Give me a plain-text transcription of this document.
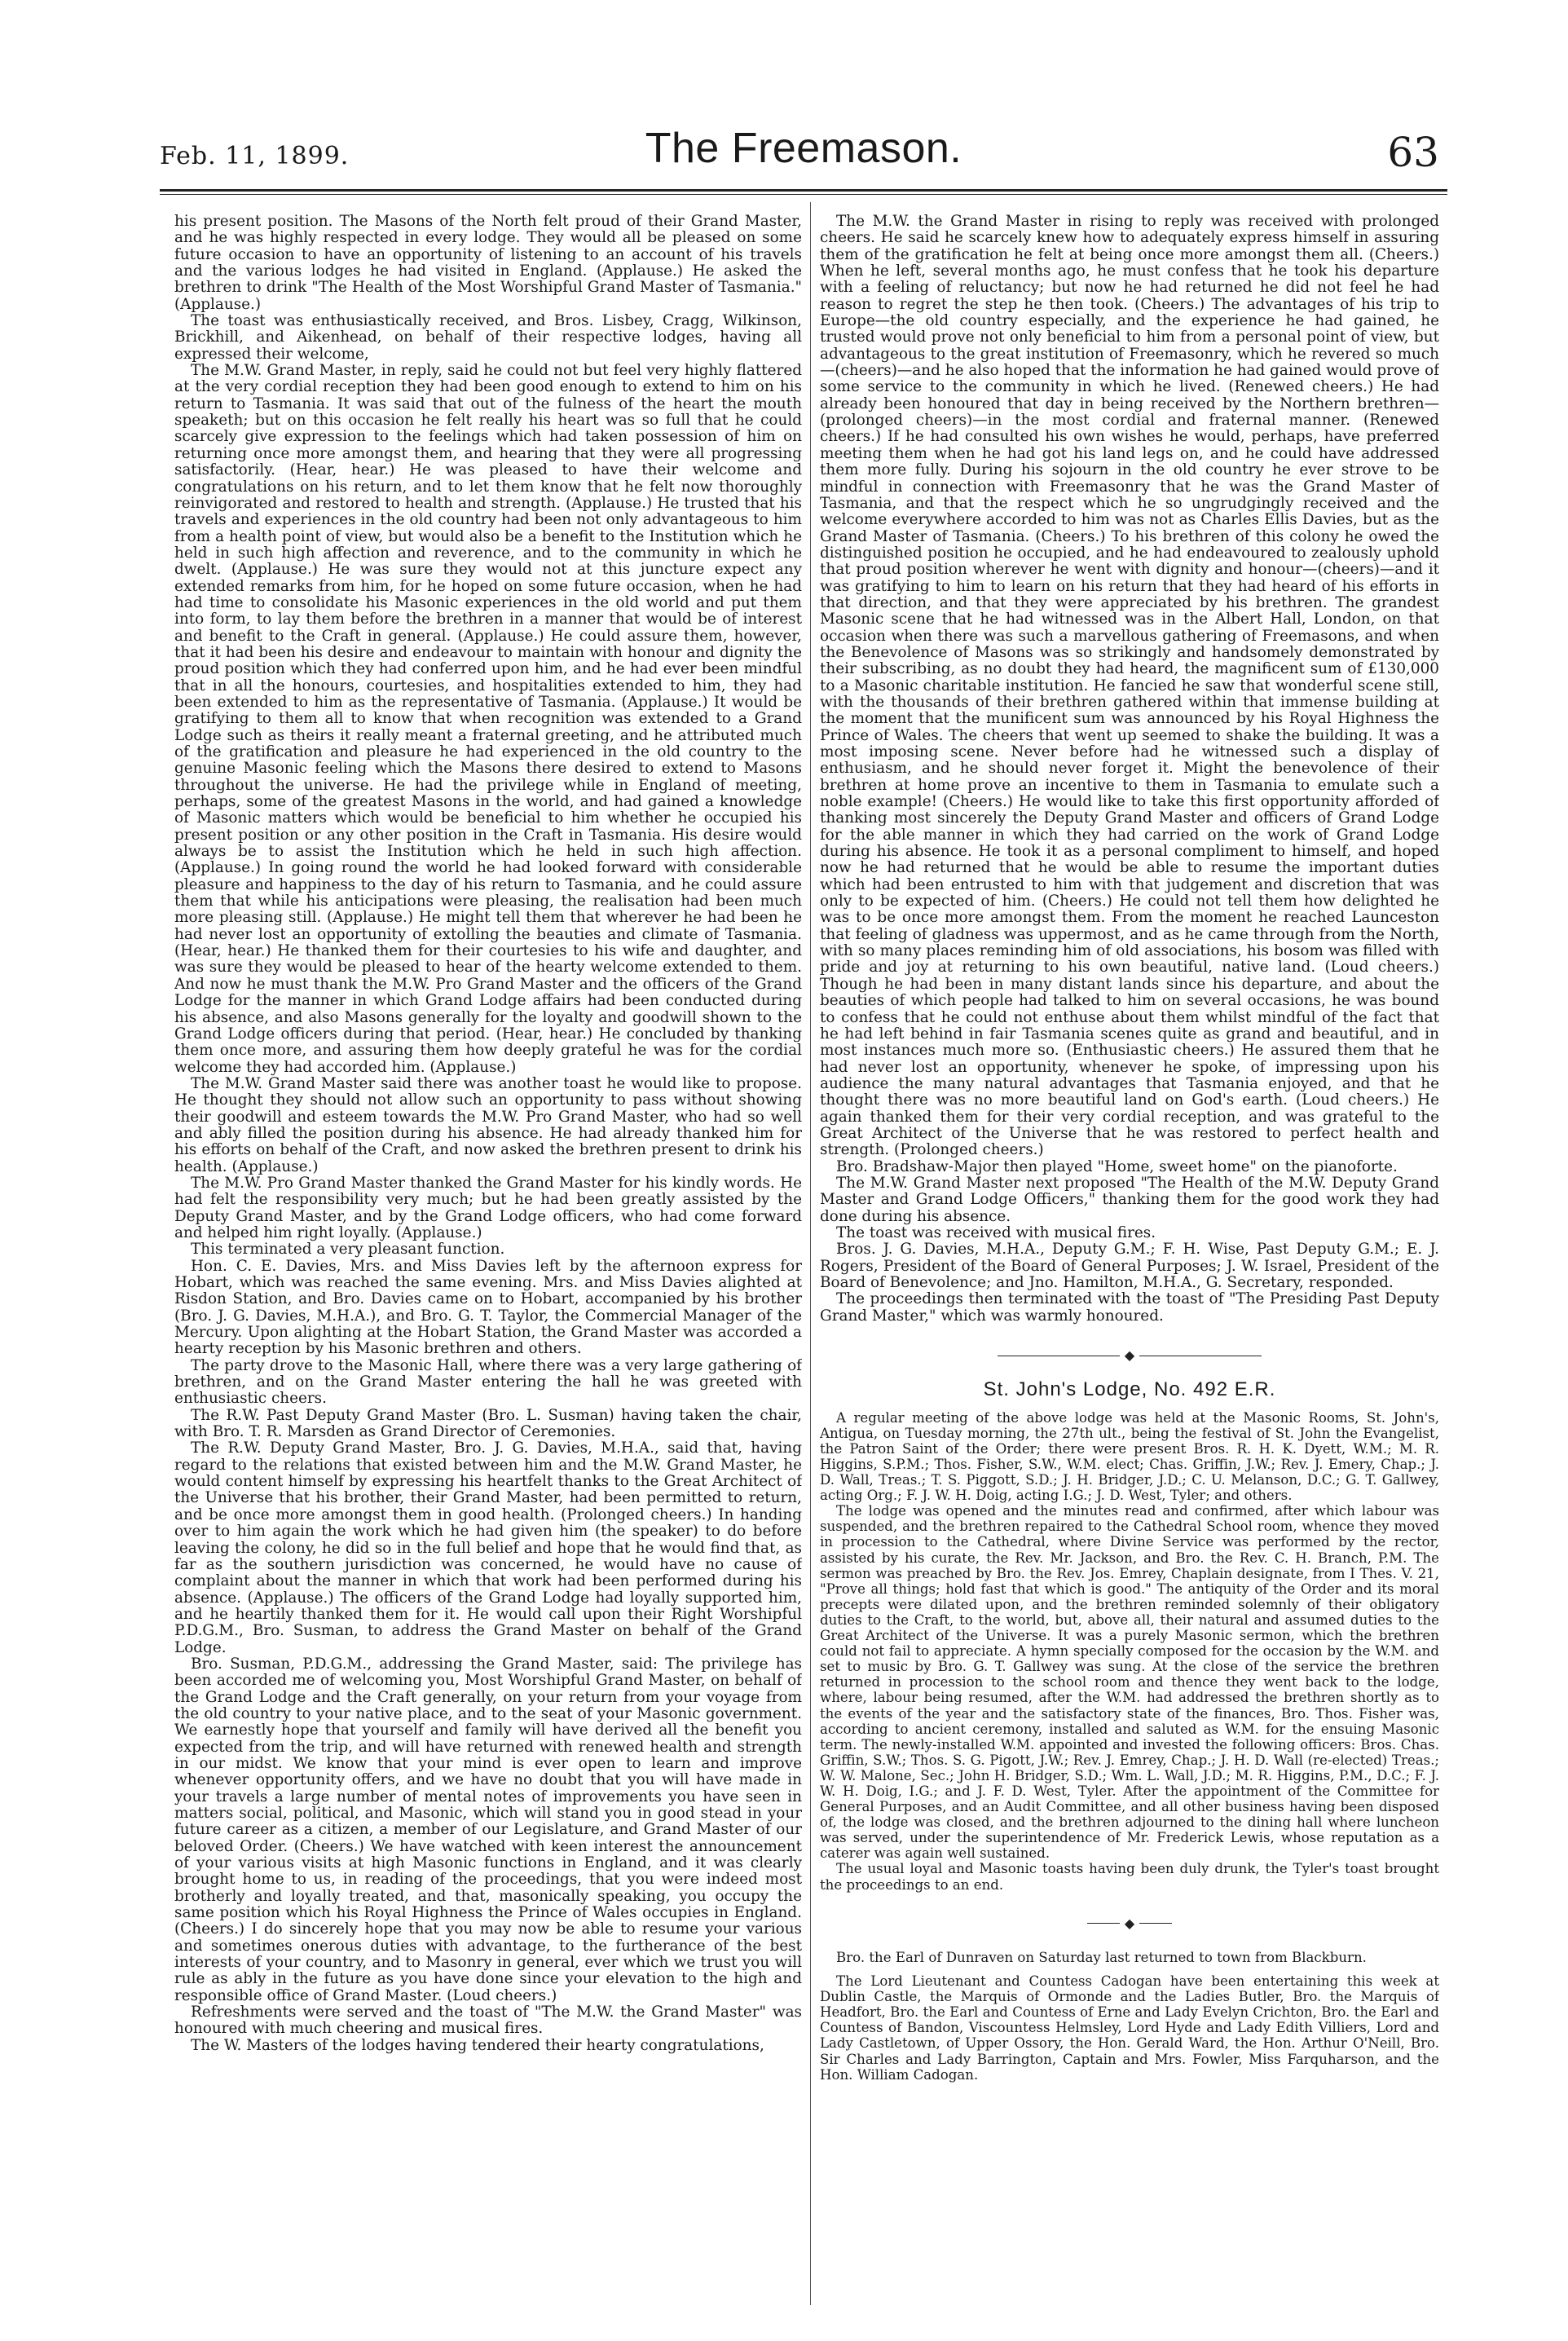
Feb. 11, 1899.	The Freemason.	63

his present position. The Masons of the North felt proud of their Grand Master, and he was highly respected in every lodge. They would all be pleased on some future occasion to have an opportunity of listening to an account of his travels and the various lodges he had visited in England. (Applause.) He asked the brethren to drink "The Health of the Most Worshipful Grand Master of Tasmania." (Applause.)

The toast was enthusiastically received, and Bros. Lisbey, Cragg, Wilkinson, Brickhill, and Aikenhead, on behalf of their respective lodges, having all expressed their welcome,

The M.W. Grand Master, in reply, said he could not but feel very highly flattered at the very cordial reception they had been good enough to extend to him on his return to Tasmania. It was said that out of the fulness of the heart the mouth speaketh; but on this occasion he felt really his heart was so full that he could scarcely give expression to the feelings which had taken possession of him on returning once more amongst them, and hearing that they were all progressing satisfactorily. (Hear, hear.) He was pleased to have their welcome and congratulations on his return, and to let them know that he felt now thoroughly reinvigorated and restored to health and strength. (Applause.) He trusted that his travels and experiences in the old country had been not only advantageous to him from a health point of view, but would also be a benefit to the Institution which he held in such high affection and reverence, and to the community in which he dwelt. (Applause.) He was sure they would not at this juncture expect any extended remarks from him, for he hoped on some future occasion, when he had had time to consolidate his Masonic experiences in the old world and put them into form, to lay them before the brethren in a manner that would be of interest and benefit to the Craft in general. (Applause.) He could assure them, however, that it had been his desire and endeavour to maintain with honour and dignity the proud position which they had conferred upon him, and he had ever been mindful that in all the honours, courtesies, and hospitalities extended to him, they had been extended to him as the representative of Tasmania. (Applause.) It would be gratifying to them all to know that when recognition was extended to a Grand Lodge such as theirs it really meant a fraternal greeting, and he attributed much of the gratification and pleasure he had experienced in the old country to the genuine Masonic feeling which the Masons there desired to extend to Masons throughout the universe. He had the privilege while in England of meeting, perhaps, some of the greatest Masons in the world, and had gained a knowledge of Masonic matters which would be beneficial to him whether he occupied his present position or any other position in the Craft in Tasmania. His desire would always be to assist the Institution which he held in such high affection. (Applause.) In going round the world he had looked forward with considerable pleasure and happiness to the day of his return to Tasmania, and he could assure them that while his anticipations were pleasing, the realisation had been much more pleasing still. (Applause.) He might tell them that wherever he had been he had never lost an opportunity of extolling the beauties and climate of Tasmania. (Hear, hear.) He thanked them for their courtesies to his wife and daughter, and was sure they would be pleased to hear of the hearty welcome extended to them. And now he must thank the M.W. Pro Grand Master and the officers of the Grand Lodge for the manner in which Grand Lodge affairs had been conducted during his absence, and also Masons generally for the loyalty and goodwill shown to the Grand Lodge officers during that period. (Hear, hear.) He concluded by thanking them once more, and assuring them how deeply grateful he was for the cordial welcome they had accorded him. (Applause.)

The M.W. Grand Master said there was another toast he would like to propose. He thought they should not allow such an opportunity to pass without showing their goodwill and esteem towards the M.W. Pro Grand Master, who had so well and ably filled the position during his absence. He had already thanked him for his efforts on behalf of the Craft, and now asked the brethren present to drink his health. (Applause.)

The M.W. Pro Grand Master thanked the Grand Master for his kindly words. He had felt the responsibility very much; but he had been greatly assisted by the Deputy Grand Master, and by the Grand Lodge officers, who had come forward and helped him right loyally. (Applause.)

This terminated a very pleasant function.

Hon. C. E. Davies, Mrs. and Miss Davies left by the afternoon express for Hobart, which was reached the same evening. Mrs. and Miss Davies alighted at Risdon Station, and Bro. Davies came on to Hobart, accompanied by his brother (Bro. J. G. Davies, M.H.A.), and Bro. G. T. Taylor, the Commercial Manager of the Mercury. Upon alighting at the Hobart Station, the Grand Master was accorded a hearty reception by his Masonic brethren and others.

The party drove to the Masonic Hall, where there was a very large gathering of brethren, and on the Grand Master entering the hall he was greeted with enthusiastic cheers.

The R.W. Past Deputy Grand Master (Bro. L. Susman) having taken the chair, with Bro. T. R. Marsden as Grand Director of Ceremonies.

The R.W. Deputy Grand Master, Bro. J. G. Davies, M.H.A., said that, having regard to the relations that existed between him and the M.W. Grand Master, he would content himself by expressing his heartfelt thanks to the Great Architect of the Universe that his brother, their Grand Master, had been permitted to return, and be once more amongst them in good health. (Prolonged cheers.) In handing over to him again the work which he had given him (the speaker) to do before leaving the colony, he did so in the full belief and hope that he would find that, as far as the southern jurisdiction was concerned, he would have no cause of complaint about the manner in which that work had been performed during his absence. (Applause.) The officers of the Grand Lodge had loyally supported him, and he heartily thanked them for it. He would call upon their Right Worshipful P.D.G.M., Bro. Susman, to address the Grand Master on behalf of the Grand Lodge.

Bro. Susman, P.D.G.M., addressing the Grand Master, said: The privilege has been accorded me of welcoming you, Most Worshipful Grand Master, on behalf of the Grand Lodge and the Craft generally, on your return from your voyage from the old country to your native place, and to the seat of your Masonic government. We earnestly hope that yourself and family will have derived all the benefit you expected from the trip, and will have returned with renewed health and strength in our midst. We know that your mind is ever open to learn and improve whenever opportunity offers, and we have no doubt that you will have made in your travels a large number of mental notes of improvements you have seen in matters social, political, and Masonic, which will stand you in good stead in your future career as a citizen, a member of our Legislature, and Grand Master of our beloved Order. (Cheers.) We have watched with keen interest the announcement of your various visits at high Masonic functions in England, and it was clearly brought home to us, in reading of the proceedings, that you were indeed most brotherly and loyally treated, and that, masonically speaking, you occupy the same position which his Royal Highness the Prince of Wales occupies in England. (Cheers.) I do sincerely hope that you may now be able to resume your various and sometimes onerous duties with advantage, to the furtherance of the best interests of your country, and to Masonry in general, ever which we trust you will rule as ably in the future as you have done since your elevation to the high and responsible office of Grand Master. (Loud cheers.)

Refreshments were served and the toast of "The M.W. the Grand Master" was honoured with much cheering and musical fires.

The W. Masters of the lodges having tendered their hearty congratulations,

The M.W. the Grand Master in rising to reply was received with prolonged cheers. He said he scarcely knew how to adequately express himself in assuring them of the gratification he felt at being once more amongst them all. (Cheers.) When he left, several months ago, he must confess that he took his departure with a feeling of reluctancy; but now he had returned he did not feel he had reason to regret the step he then took. (Cheers.) The advantages of his trip to Europe—the old country especially, and the experience he had gained, he trusted would prove not only beneficial to him from a personal point of view, but advantageous to the great institution of Freemasonry, which he revered so much—(cheers)—and he also hoped that the information he had gained would prove of some service to the community in which he lived. (Renewed cheers.) He had already been honoured that day in being received by the Northern brethren—(prolonged cheers)—in the most cordial and fraternal manner. (Renewed cheers.) If he had consulted his own wishes he would, perhaps, have preferred meeting them when he had got his land legs on, and he could have addressed them more fully. During his sojourn in the old country he ever strove to be mindful in connection with Freemasonry that he was the Grand Master of Tasmania, and that the respect which he so ungrudgingly received and the welcome everywhere accorded to him was not as Charles Ellis Davies, but as the Grand Master of Tasmania. (Cheers.) To his brethren of this colony he owed the distinguished position he occupied, and he had endeavoured to zealously uphold that proud position wherever he went with dignity and honour—(cheers)—and it was gratifying to him to learn on his return that they had heard of his efforts in that direction, and that they were appreciated by his brethren. The grandest Masonic scene that he had witnessed was in the Albert Hall, London, on that occasion when there was such a marvellous gathering of Freemasons, and when the Benevolence of Masons was so strikingly and handsomely demonstrated by their subscribing, as no doubt they had heard, the magnificent sum of £130,000 to a Masonic charitable institution. He fancied he saw that wonderful scene still, with the thousands of their brethren gathered within that immense building at the moment that the munificent sum was announced by his Royal Highness the Prince of Wales. The cheers that went up seemed to shake the building. It was a most imposing scene. Never before had he witnessed such a display of enthusiasm, and he should never forget it. Might the benevolence of their brethren at home prove an incentive to them in Tasmania to emulate such a noble example! (Cheers.) He would like to take this first opportunity afforded of thanking most sincerely the Deputy Grand Master and officers of Grand Lodge for the able manner in which they had carried on the work of Grand Lodge during his absence. He took it as a personal compliment to himself, and hoped now he had returned that he would be able to resume the important duties which had been entrusted to him with that judgement and discretion that was only to be expected of him. (Cheers.) He could not tell them how delighted he was to be once more amongst them. From the moment he reached Launceston that feeling of gladness was uppermost, and as he came through from the North, with so many places reminding him of old associations, his bosom was filled with pride and joy at returning to his own beautiful, native land. (Loud cheers.) Though he had been in many distant lands since his departure, and about the beauties of which people had talked to him on several occasions, he was bound to confess that he could not enthuse about them whilst mindful of the fact that he had left behind in fair Tasmania scenes quite as grand and beautiful, and in most instances much more so. (Enthusiastic cheers.) He assured them that he had never lost an opportunity, whenever he spoke, of impressing upon his audience the many natural advantages that Tasmania enjoyed, and that he thought there was no more beautiful land on God's earth. (Loud cheers.) He again thanked them for their very cordial reception, and was grateful to the Great Architect of the Universe that he was restored to perfect health and strength. (Prolonged cheers.)

Bro. Bradshaw-Major then played "Home, sweet home" on the pianoforte.

The M.W. Grand Master next proposed "The Health of the M.W. Deputy Grand Master and Grand Lodge Officers," thanking them for the good work they had done during his absence.

The toast was received with musical fires.

Bros. J. G. Davies, M.H.A., Deputy G.M.; F. H. Wise, Past Deputy G.M.; E. J. Rogers, President of the Board of General Purposes; J. W. Israel, President of the Board of Benevolence; and Jno. Hamilton, M.H.A., G. Secretary, responded.

The proceedings then terminated with the toast of "The Presiding Past Deputy Grand Master," which was warmly honoured.

◆
St. John's Lodge, No. 492 E.R.

A regular meeting of the above lodge was held at the Masonic Rooms, St. John's, Antigua, on Tuesday morning, the 27th ult., being the festival of St. John the Evangelist, the Patron Saint of the Order; there were present Bros. R. H. K. Dyett, W.M.; M. R. Higgins, S.P.M.; Thos. Fisher, S.W., W.M. elect; Chas. Griffin, J.W.; Rev. J. Emery, Chap.; J. D. Wall, Treas.; T. S. Piggott, S.D.; J. H. Bridger, J.D.; C. U. Melanson, D.C.; G. T. Gallwey, acting Org.; F. J. W. H. Doig, acting I.G.; J. D. West, Tyler; and others.

The lodge was opened and the minutes read and confirmed, after which labour was suspended, and the brethren repaired to the Cathedral School room, whence they moved in procession to the Cathedral, where Divine Service was performed by the rector, assisted by his curate, the Rev. Mr. Jackson, and Bro. the Rev. C. H. Branch, P.M. The sermon was preached by Bro. the Rev. Jos. Emrey, Chaplain designate, from I Thes. V. 21, "Prove all things; hold fast that which is good." The antiquity of the Order and its moral precepts were dilated upon, and the brethren reminded solemnly of their obligatory duties to the Craft, to the world, but, above all, their natural and assumed duties to the Great Architect of the Universe. It was a purely Masonic sermon, which the brethren could not fail to appreciate. A hymn specially composed for the occasion by the W.M. and set to music by Bro. G. T. Gallwey was sung. At the close of the service the brethren returned in procession to the school room and thence they went back to the lodge, where, labour being resumed, after the W.M. had addressed the brethren shortly as to the events of the year and the satisfactory state of the finances, Bro. Thos. Fisher was, according to ancient ceremony, installed and saluted as W.M. for the ensuing Masonic term. The newly-installed W.M. appointed and invested the following officers: Bros. Chas. Griffin, S.W.; Thos. S. G. Pigott, J.W.; Rev. J. Emrey, Chap.; J. H. D. Wall (re-elected) Treas.; W. W. Malone, Sec.; John H. Bridger, S.D.; Wm. L. Wall, J.D.; M. R. Higgins, P.M., D.C.; F. J. W. H. Doig, I.G.; and J. F. D. West, Tyler. After the appointment of the Committee for General Purposes, and an Audit Committee, and all other business having been disposed of, the lodge was closed, and the brethren adjourned to the dining hall where luncheon was served, under the superintendence of Mr. Frederick Lewis, whose reputation as a caterer was again well sustained.

The usual loyal and Masonic toasts having been duly drunk, the Tyler's toast brought the proceedings to an end.

◆

Bro. the Earl of Dunraven on Saturday last returned to town from Blackburn.

The Lord Lieutenant and Countess Cadogan have been entertaining this week at Dublin Castle, the Marquis of Ormonde and the Ladies Butler, Bro. the Marquis of Headfort, Bro. the Earl and Countess of Erne and Lady Evelyn Crichton, Bro. the Earl and Countess of Bandon, Viscountess Helmsley, Lord Hyde and Lady Edith Villiers, Lord and Lady Castletown, of Upper Ossory, the Hon. Gerald Ward, the Hon. Arthur O'Neill, Bro. Sir Charles and Lady Barrington, Captain and Mrs. Fowler, Miss Farquharson, and the Hon. William Cadogan.
